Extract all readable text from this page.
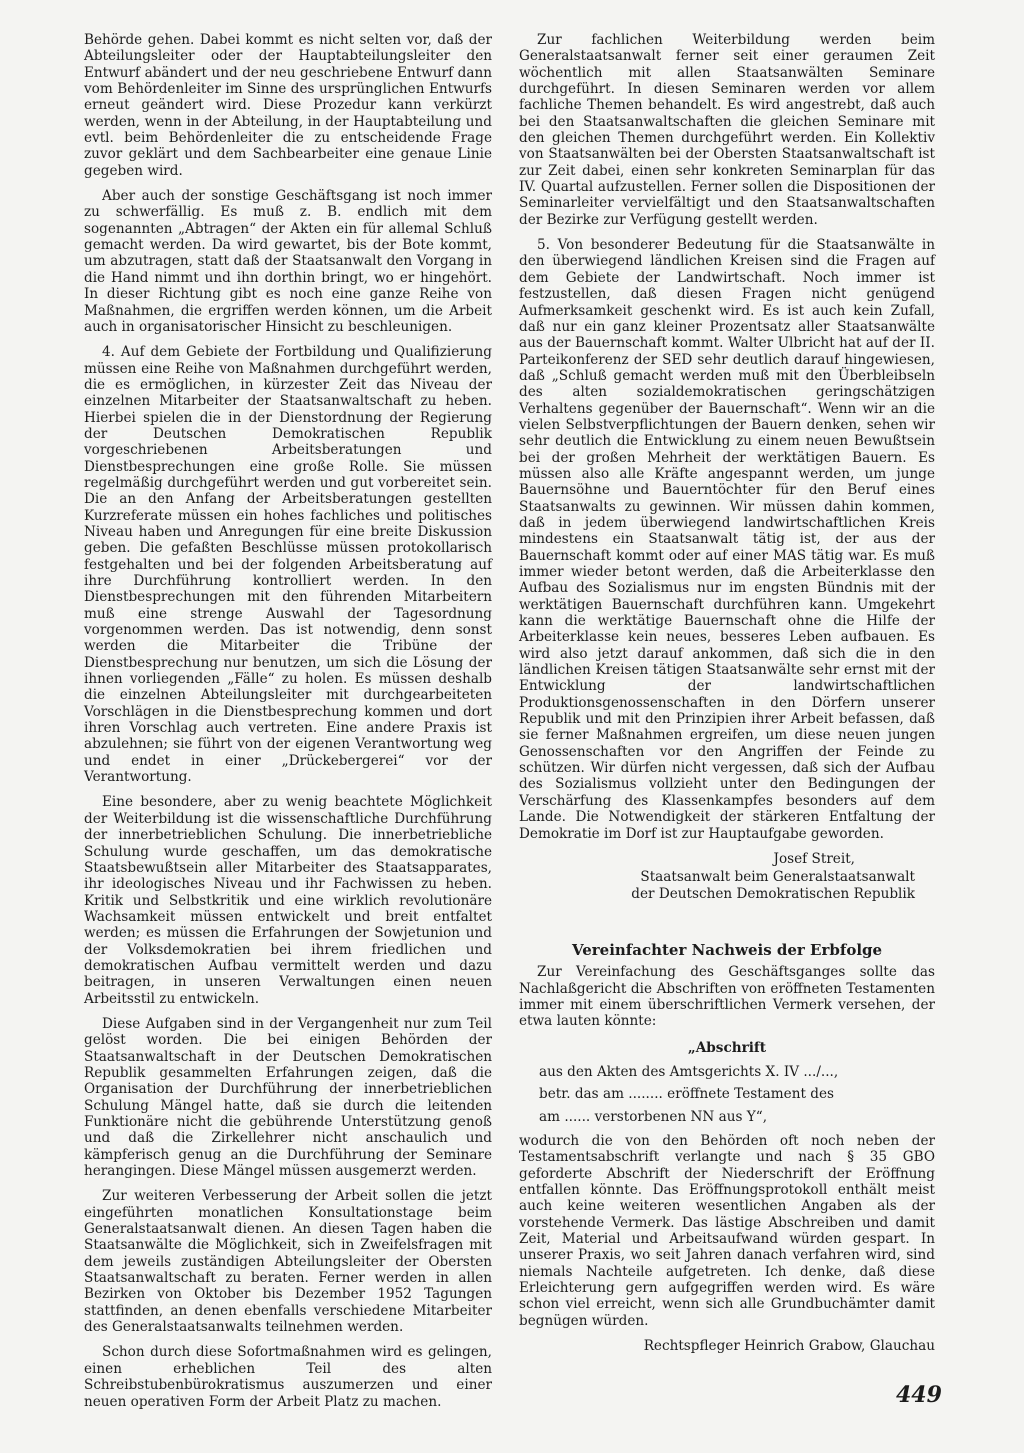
Behörde gehen. Dabei kommt es nicht selten vor, daß der Abteilungsleiter oder der Hauptabteilungsleiter den Entwurf abändert und der neu geschriebene Entwurf dann vom Behördenleiter im Sinne des ursprünglichen Entwurfs erneut geändert wird. Diese Prozedur kann verkürzt werden, wenn in der Abteilung, in der Hauptabteilung und evtl. beim Behördenleiter die zu entscheidende Frage zuvor geklärt und dem Sachbearbeiter eine genaue Linie gegeben wird.

Aber auch der sonstige Geschäftsgang ist noch immer zu schwerfällig. Es muß z. B. endlich mit dem sogenannten „Abtragen“ der Akten ein für allemal Schluß gemacht werden. Da wird gewartet, bis der Bote kommt, um abzutragen, statt daß der Staatsanwalt den Vorgang in die Hand nimmt und ihn dorthin bringt, wo er hingehört. In dieser Richtung gibt es noch eine ganze Reihe von Maßnahmen, die ergriffen werden können, um die Arbeit auch in organisatorischer Hinsicht zu beschleunigen.

4. Auf dem Gebiete der Fortbildung und Qualifizierung müssen eine Reihe von Maßnahmen durchgeführt werden, die es ermöglichen, in kürzester Zeit das Niveau der einzelnen Mitarbeiter der Staatsanwaltschaft zu heben. Hierbei spielen die in der Dienstordnung der Regierung der Deutschen Demokratischen Republik vorgeschriebenen Arbeitsberatungen und Dienstbesprechungen eine große Rolle. Sie müssen regelmäßig durchgeführt werden und gut vorbereitet sein. Die an den Anfang der Arbeitsberatungen gestellten Kurzreferate müssen ein hohes fachliches und politisches Niveau haben und Anregungen für eine breite Diskussion geben. Die gefaßten Beschlüsse müssen protokollarisch festgehalten und bei der folgenden Arbeitsberatung auf ihre Durchführung kontrolliert werden. In den Dienstbesprechungen mit den führenden Mitarbeitern muß eine strenge Auswahl der Tagesordnung vorgenommen werden. Das ist notwendig, denn sonst werden die Mitarbeiter die Tribüne der Dienstbesprechung nur benutzen, um sich die Lösung der ihnen vorliegenden „Fälle“ zu holen. Es müssen deshalb die einzelnen Abteilungsleiter mit durchgearbeiteten Vorschlägen in die Dienstbesprechung kommen und dort ihren Vorschlag auch vertreten. Eine andere Praxis ist abzulehnen; sie führt von der eigenen Verantwortung weg und endet in einer „Drückebergerei“ vor der Verantwortung.

Eine besondere, aber zu wenig beachtete Möglichkeit der Weiterbildung ist die wissenschaftliche Durchführung der innerbetrieblichen Schulung. Die innerbetriebliche Schulung wurde geschaffen, um das demokratische Staatsbewußtsein aller Mitarbeiter des Staatsapparates, ihr ideologisches Niveau und ihr Fachwissen zu heben. Kritik und Selbstkritik und eine wirklich revolutionäre Wachsamkeit müssen entwickelt und breit entfaltet werden; es müssen die Erfahrungen der Sowjetunion und der Volksdemokratien bei ihrem friedlichen und demokratischen Aufbau vermittelt werden und dazu beitragen, in unseren Verwaltungen einen neuen Arbeitsstil zu entwickeln.

Diese Aufgaben sind in der Vergangenheit nur zum Teil gelöst worden. Die bei einigen Behörden der Staatsanwaltschaft in der Deutschen Demokratischen Republik gesammelten Erfahrungen zeigen, daß die Organisation der Durchführung der innerbetrieblichen Schulung Mängel hatte, daß sie durch die leitenden Funktionäre nicht die gebührende Unterstützung genoß und daß die Zirkellehrer nicht anschaulich und kämpferisch genug an die Durchführung der Seminare herangingen. Diese Mängel müssen ausgemerzt werden.

Zur weiteren Verbesserung der Arbeit sollen die jetzt eingeführten monatlichen Konsultationstage beim Generalstaatsanwalt dienen. An diesen Tagen haben die Staatsanwälte die Möglichkeit, sich in Zweifelsfragen mit dem jeweils zuständigen Abteilungsleiter der Obersten Staatsanwaltschaft zu beraten. Ferner werden in allen Bezirken von Oktober bis Dezember 1952 Tagungen stattfinden, an denen ebenfalls verschiedene Mitarbeiter des Generalstaatsanwalts teilnehmen werden.

Schon durch diese Sofortmaßnahmen wird es gelingen, einen erheblichen Teil des alten Schreibstubenbürokratismus auszumerzen und einer neuen operativen Form der Arbeit Platz zu machen.

Zur fachlichen Weiterbildung werden beim Generalstaatsanwalt ferner seit einer geraumen Zeit wöchentlich mit allen Staatsanwälten Seminare durchgeführt. In diesen Seminaren werden vor allem fachliche Themen behandelt. Es wird angestrebt, daß auch bei den Staatsanwaltschaften die gleichen Seminare mit den gleichen Themen durchgeführt werden. Ein Kollektiv von Staatsanwälten bei der Obersten Staatsanwaltschaft ist zur Zeit dabei, einen sehr konkreten Seminarplan für das IV. Quartal aufzustellen. Ferner sollen die Dispositionen der Seminarleiter vervielfältigt und den Staatsanwaltschaften der Bezirke zur Verfügung gestellt werden.

5. Von besonderer Bedeutung für die Staatsanwälte in den überwiegend ländlichen Kreisen sind die Fragen auf dem Gebiete der Landwirtschaft. Noch immer ist festzustellen, daß diesen Fragen nicht genügend Aufmerksamkeit geschenkt wird. Es ist auch kein Zufall, daß nur ein ganz kleiner Prozentsatz aller Staatsanwälte aus der Bauernschaft kommt. Walter Ulbricht hat auf der II. Parteikonferenz der SED sehr deutlich darauf hingewiesen, daß „Schluß gemacht werden muß mit den Überbleibseln des alten sozialdemokratischen geringschätzigen Verhaltens gegenüber der Bauernschaft“. Wenn wir an die vielen Selbstverpflichtungen der Bauern denken, sehen wir sehr deutlich die Entwicklung zu einem neuen Bewußtsein bei der großen Mehrheit der werktätigen Bauern. Es müssen also alle Kräfte angespannt werden, um junge Bauernsöhne und Bauerntöchter für den Beruf eines Staatsanwalts zu gewinnen. Wir müssen dahin kommen, daß in jedem überwiegend landwirtschaftlichen Kreis mindestens ein Staatsanwalt tätig ist, der aus der Bauernschaft kommt oder auf einer MAS tätig war. Es muß immer wieder betont werden, daß die Arbeiterklasse den Aufbau des Sozialismus nur im engsten Bündnis mit der werktätigen Bauernschaft durchführen kann. Umgekehrt kann die werktätige Bauernschaft ohne die Hilfe der Arbeiterklasse kein neues, besseres Leben aufbauen. Es wird also jetzt darauf ankommen, daß sich die in den ländlichen Kreisen tätigen Staatsanwälte sehr ernst mit der Entwicklung der landwirtschaftlichen Produktionsgenossenschaften in den Dörfern unserer Republik und mit den Prinzipien ihrer Arbeit befassen, daß sie ferner Maßnahmen ergreifen, um diese neuen jungen Genossenschaften vor den Angriffen der Feinde zu schützen. Wir dürfen nicht vergessen, daß sich der Aufbau des Sozialismus vollzieht unter den Bedingungen der Verschärfung des Klassenkampfes besonders auf dem Lande. Die Notwendigkeit der stärkeren Entfaltung der Demokratie im Dorf ist zur Hauptaufgabe geworden.

Josef Streit,
Staatsanwalt beim Generalstaatsanwalt
der Deutschen Demokratischen Republik
Vereinfachter Nachweis der Erbfolge

Zur Vereinfachung des Geschäftsganges sollte das Nachlaßgericht die Abschriften von eröffneten Testamenten immer mit einem überschriftlichen Vermerk versehen, der etwa lauten könnte:

„Abschrift
aus den Akten des Amtsgerichts X. IV .../...,
betr. das am ........ eröffnete Testament des
am ...... verstorbenen NN aus Y“,

wodurch die von den Behörden oft noch neben der Testamentsabschrift verlangte und nach § 35 GBO geforderte Abschrift der Niederschrift der Eröffnung entfallen könnte. Das Eröffnungsprotokoll enthält meist auch keine weiteren wesentlichen Angaben als der vorstehende Vermerk. Das lästige Abschreiben und damit Zeit, Material und Arbeitsaufwand würden gespart. In unserer Praxis, wo seit Jahren danach verfahren wird, sind niemals Nachteile aufgetreten. Ich denke, daß diese Erleichterung gern aufgegriffen werden wird. Es wäre schon viel erreicht, wenn sich alle Grundbuchämter damit begnügen würden.

Rechtspfleger Heinrich Grabow, Glauchau
449
